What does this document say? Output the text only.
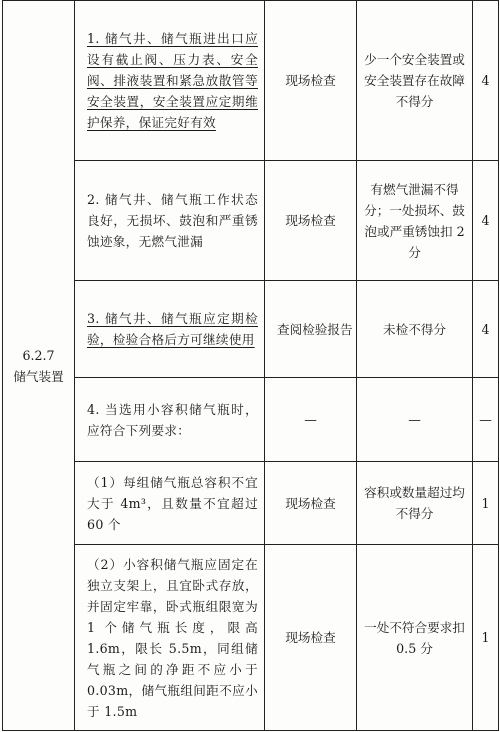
6.2.7
储气装置	1. 储气井、储气瓶进出口应设有截止阀、压力表、安全阀、排液装置和紧急放散管等安全装置，安全装置应定期维护保养，保证完好有效	现场检查	少一个安全装置或安全装置存在故障不得分	4
	2. 储气井、储气瓶工作状态良好，无损坏、鼓泡和严重锈蚀迹象，无燃气泄漏	现场检查	有燃气泄漏不得分；一处损坏、鼓泡或严重锈蚀扣 2 分	4
	3. 储气井、储气瓶应定期检验，检验合格后方可继续使用	查阅检验报告	未检不得分	4
	4. 当选用小容积储气瓶时，应符合下列要求：	—	—	—
	（1）每组储气瓶总容积不宜大于 4m³，且数量不宜超过 60 个	现场检查	容积或数量超过均不得分	1
	（2）小容积储气瓶应固定在独立支架上，且宜卧式存放，并固定牢靠，卧式瓶组限宽为 1 个储气瓶长度，限高 1.6m，限长 5.5m，同组储气瓶之间的净距不应小于 0.03m，储气瓶组间距不应小于 1.5m	现场检查	一处不符合要求扣 0.5 分	1
